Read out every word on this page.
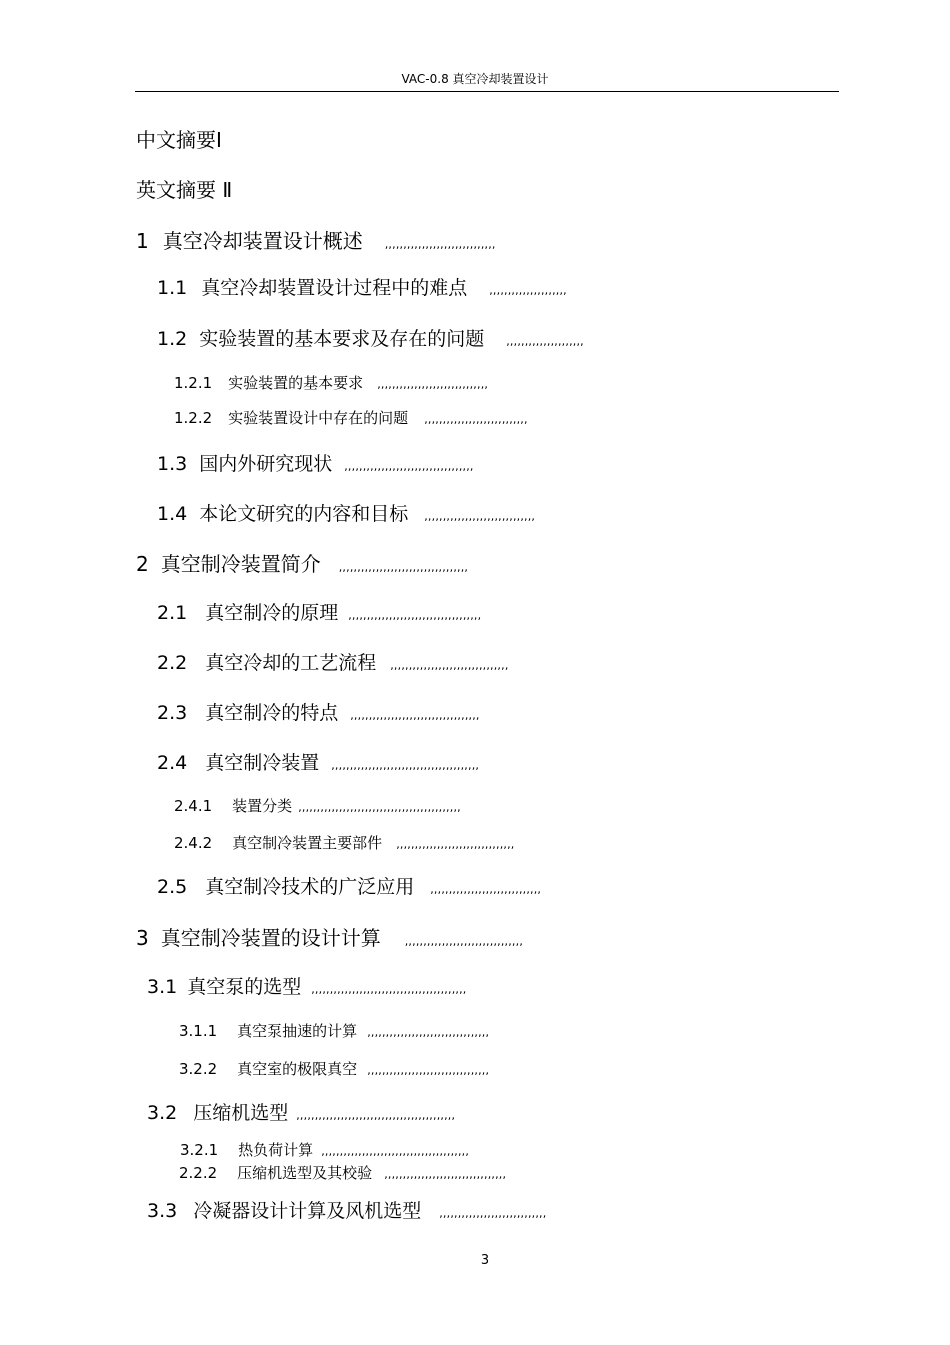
VAC-0.8 真空冷却装置设计
中文摘要Ⅰ
英文摘要 Ⅱ
1 真空冷却装置设计概述 ,,,,,,,,,,,,,,,,,,,,,,,,,,,,,,
1.1 真空冷却装置设计过程中的难点 ,,,,,,,,,,,,,,,,,,,,,
1.2 实验装置的基本要求及存在的问题 ,,,,,,,,,,,,,,,,,,,,,
1.2.1 实验装置的基本要求 ,,,,,,,,,,,,,,,,,,,,,,,,,,,,,,
1.2.2 实验装置设计中存在的问题 ,,,,,,,,,,,,,,,,,,,,,,,,,,,,
1.3 国内外研究现状 ,,,,,,,,,,,,,,,,,,,,,,,,,,,,,,,,,,,
1.4 本论文研究的内容和目标 ,,,,,,,,,,,,,,,,,,,,,,,,,,,,,,
2 真空制冷装置简介 ,,,,,,,,,,,,,,,,,,,,,,,,,,,,,,,,,,,
2.1 真空制冷的原理 ,,,,,,,,,,,,,,,,,,,,,,,,,,,,,,,,,,,,
2.2 真空冷却的工艺流程 ,,,,,,,,,,,,,,,,,,,,,,,,,,,,,,,,
2.3 真空制冷的特点 ,,,,,,,,,,,,,,,,,,,,,,,,,,,,,,,,,,,
2.4 真空制冷装置 ,,,,,,,,,,,,,,,,,,,,,,,,,,,,,,,,,,,,,,,,
2.4.1 装置分类 ,,,,,,,,,,,,,,,,,,,,,,,,,,,,,,,,,,,,,,,,,,,,
2.4.2 真空制冷装置主要部件 ,,,,,,,,,,,,,,,,,,,,,,,,,,,,,,,,
2.5 真空制冷技术的广泛应用 ,,,,,,,,,,,,,,,,,,,,,,,,,,,,,,
3 真空制冷装置的设计计算 ,,,,,,,,,,,,,,,,,,,,,,,,,,,,,,,,
3.1 真空泵的选型 ,,,,,,,,,,,,,,,,,,,,,,,,,,,,,,,,,,,,,,,,,,
3.1.1 真空泵抽速的计算 ,,,,,,,,,,,,,,,,,,,,,,,,,,,,,,,,,
3.2.2 真空室的极限真空 ,,,,,,,,,,,,,,,,,,,,,,,,,,,,,,,,,
3.2 压缩机选型 ,,,,,,,,,,,,,,,,,,,,,,,,,,,,,,,,,,,,,,,,,,,
3.2.1 热负荷计算 ,,,,,,,,,,,,,,,,,,,,,,,,,,,,,,,,,,,,,,,,
2.2.2 压缩机选型及其校验 ,,,,,,,,,,,,,,,,,,,,,,,,,,,,,,,,,
3.3 冷凝器设计计算及风机选型 ,,,,,,,,,,,,,,,,,,,,,,,,,,,,,
3
